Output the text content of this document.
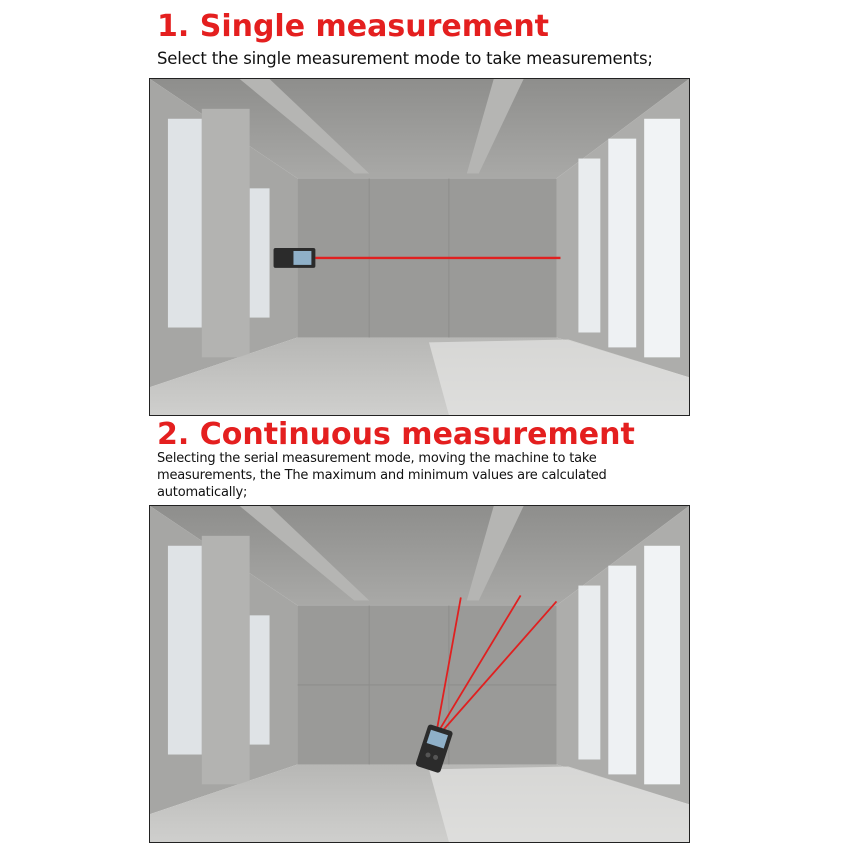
1. Single measurement

Select the single measurement mode to take measurements;

2. Continuous measurement

Selecting the serial measurement mode, moving the machine to take measurements, the The maximum and minimum values are calculated automatically;
